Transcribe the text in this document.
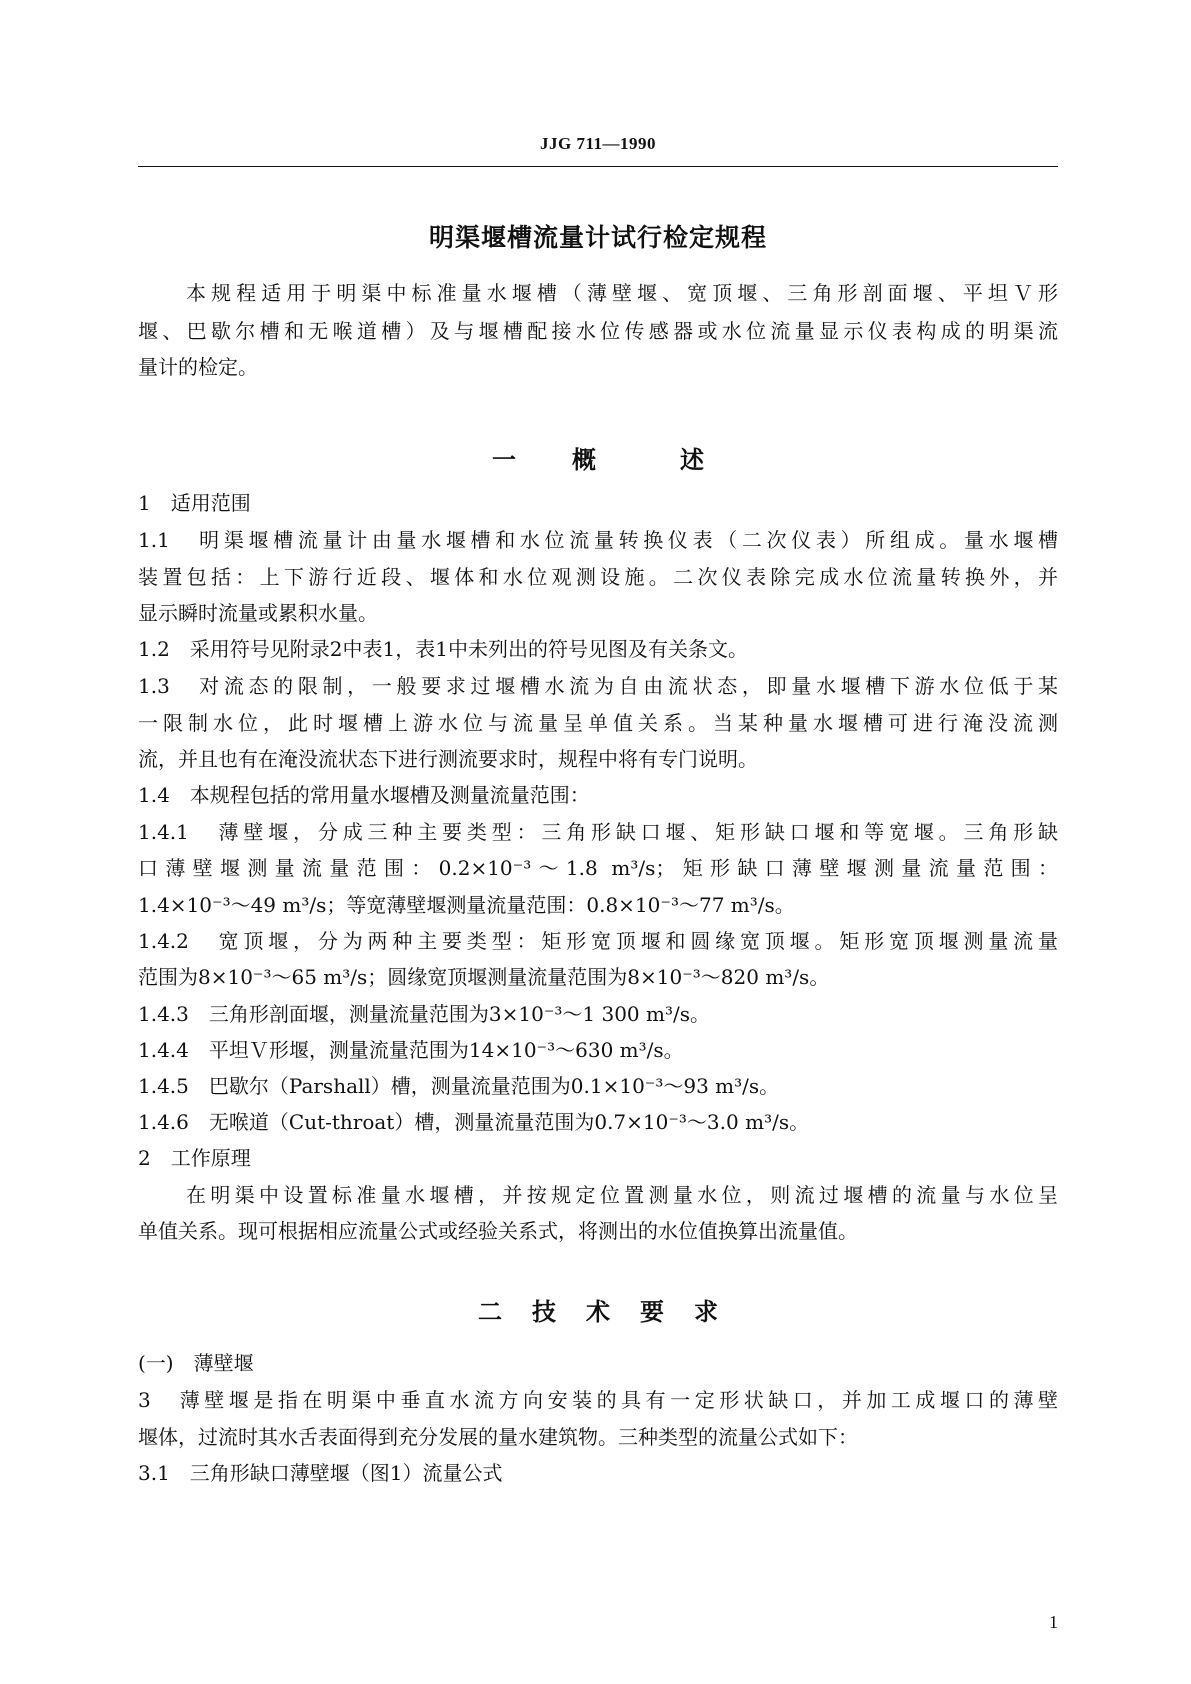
JJG 711—1990
明渠堰槽流量计试行检定规程
本规程适用于明渠中标准量水堰槽（薄壁堰、宽顶堰、三角形剖面堰、平坦Ｖ形
堰、巴歇尔槽和无喉道槽）及与堰槽配接水位传感器或水位流量显示仪表构成的明渠流
量计的检定。
一 概	述
1　适用范围
1.1　明渠堰槽流量计由量水堰槽和水位流量转换仪表（二次仪表）所组成。量水堰槽
装置包括：上下游行近段、堰体和水位观测设施。二次仪表除完成水位流量转换外，并
显示瞬时流量或累积水量。
1.2　采用符号见附录2中表1，表1中未列出的符号见图及有关条文。
1.3　对流态的限制，一般要求过堰槽水流为自由流状态，即量水堰槽下游水位低于某
一限制水位，此时堰槽上游水位与流量呈单值关系。当某种量水堰槽可进行淹没流测
流，并且也有在淹没流状态下进行测流要求时，规程中将有专门说明。
1.4　本规程包括的常用量水堰槽及测量流量范围：
1.4.1　薄壁堰，分成三种主要类型：三角形缺口堰、矩形缺口堰和等宽堰。三角形缺
口薄壁堰测量流量范围：0.2×10⁻³～1.8 m³/s；矩形缺口薄壁堰测量流量范围：
1.4×10⁻³～49 m³/s；等宽薄壁堰测量流量范围：0.8×10⁻³～77 m³/s。
1.4.2　宽顶堰，分为两种主要类型：矩形宽顶堰和圆缘宽顶堰。矩形宽顶堰测量流量
范围为8×10⁻³～65 m³/s；圆缘宽顶堰测量流量范围为8×10⁻³～820 m³/s。
1.4.3　三角形剖面堰，测量流量范围为3×10⁻³～1 300 m³/s。
1.4.4　平坦Ｖ形堰，测量流量范围为14×10⁻³～630 m³/s。
1.4.5　巴歇尔（Parshall）槽，测量流量范围为0.1×10⁻³～93 m³/s。
1.4.6　无喉道（Cut-throat）槽，测量流量范围为0.7×10⁻³～3.0 m³/s。
2　工作原理
在明渠中设置标准量水堰槽，并按规定位置测量水位，则流过堰槽的流量与水位呈
单值关系。现可根据相应流量公式或经验关系式，将测出的水位值换算出流量值。
二 技 术 要 求
(一)　薄壁堰
3　薄壁堰是指在明渠中垂直水流方向安装的具有一定形状缺口，并加工成堰口的薄壁
堰体，过流时其水舌表面得到充分发展的量水建筑物。三种类型的流量公式如下：
3.1　三角形缺口薄壁堰（图1）流量公式
1
